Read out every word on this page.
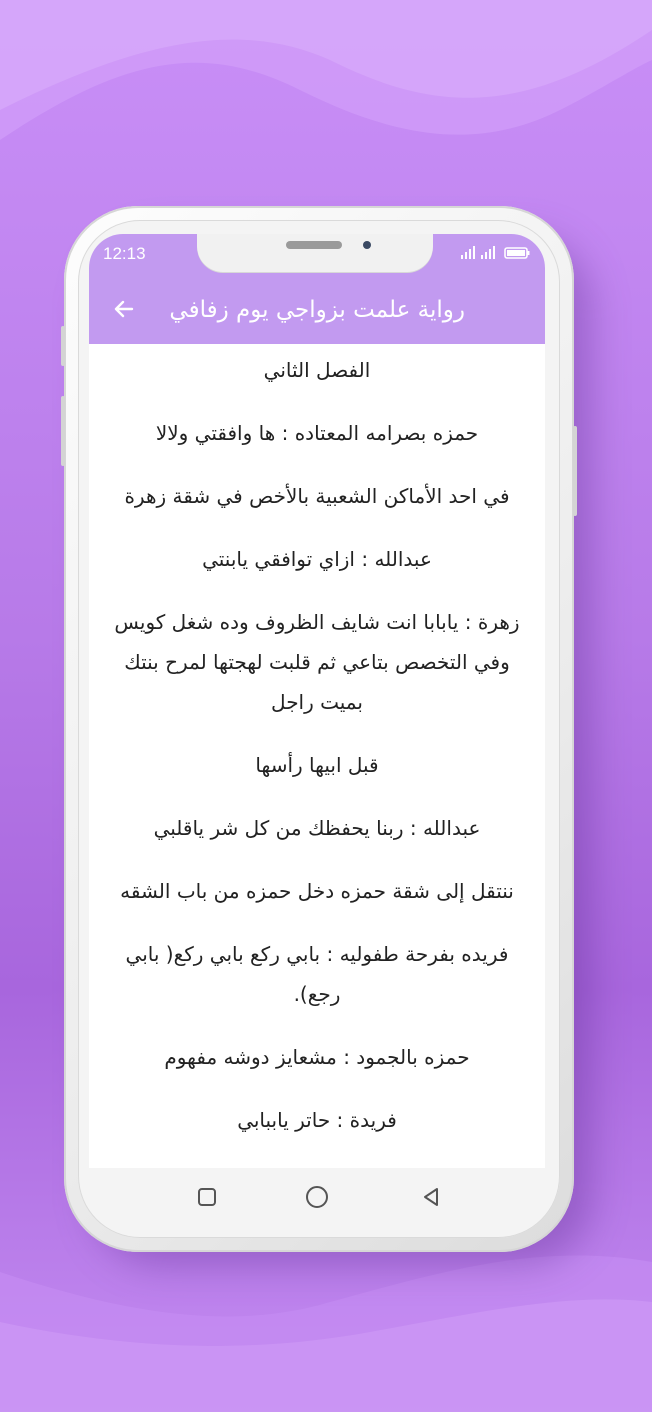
12:13
رواية علمت بزواجي يوم زفافي

الفصل الثاني

حمزه بصرامه المعتاده : ها وافقتي ولالا

في احد الأماكن الشعبية بالأخص في شقة زهرة

عبدالله : ازاي توافقي يابنتي

زهرة : يابابا انت شايف الظروف وده شغل كويس وفي التخصص بتاعي ثم قلبت لهجتها لمرح بنتك بميت راجل

قبل ابيها رأسها

عبدالله : ربنا يحفظك من كل شر ياقلبي

ننتقل إلى شقة حمزه دخل حمزه من باب الشقه

فريده بفرحة طفوليه : بابي ركع بابي ركع( بابي رجع).

حمزه بالجمود : مشعايز دوشه مفهوم

فريدة : حاتر ياببابي
